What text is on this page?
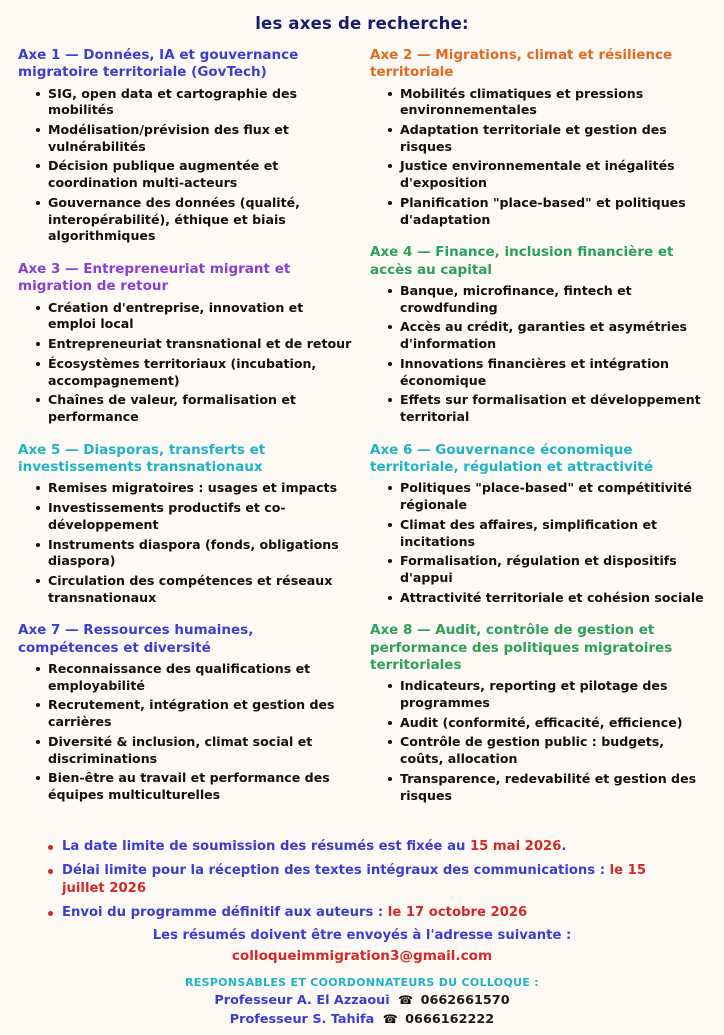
les axes de recherche:
Axe 1 — Données, IA et gouvernance migratoire territoriale (GovTech)
SIG, open data et cartographie des mobilités
Modélisation/prévision des flux et vulnérabilités
Décision publique augmentée et coordination multi-acteurs
Gouvernance des données (qualité, interopérabilité), éthique et biais algorithmiques
Axe 3 — Entrepreneuriat migrant et migration de retour
Création d'entreprise, innovation et emploi local
Entrepreneuriat transnational et de retour
Écosystèmes territoriaux (incubation, accompagnement)
Chaînes de valeur, formalisation et performance
Axe 5 — Diasporas, transferts et investissements transnationaux
Remises migratoires : usages et impacts
Investissements productifs et co-développement
Instruments diaspora (fonds, obligations diaspora)
Circulation des compétences et réseaux transnationaux
Axe 7 — Ressources humaines, compétences et diversité
Reconnaissance des qualifications et employabilité
Recrutement, intégration et gestion des carrières
Diversité & inclusion, climat social et discriminations
Bien-être au travail et performance des équipes multiculturelles
Axe 2 — Migrations, climat et résilience territoriale
Mobilités climatiques et pressions environnementales
Adaptation territoriale et gestion des risques
Justice environnementale et inégalités d'exposition
Planification "place-based" et politiques d'adaptation
Axe 4 — Finance, inclusion financière et accès au capital
Banque, microfinance, fintech et crowdfunding
Accès au crédit, garanties et asymétries d'information
Innovations financières et intégration économique
Effets sur formalisation et développement territorial
Axe 6 — Gouvernance économique territoriale, régulation et attractivité
Politiques "place-based" et compétitivité régionale
Climat des affaires, simplification et incitations
Formalisation, régulation et dispositifs d'appui
Attractivité territoriale et cohésion sociale
Axe 8 — Audit, contrôle de gestion et performance des politiques migratoires territoriales
Indicateurs, reporting et pilotage des programmes
Audit (conformité, efficacité, efficience)
Contrôle de gestion public : budgets, coûts, allocation
Transparence, redevabilité et gestion des risques
La date limite de soumission des résumés est fixée au 15 mai 2026.
Délai limite pour la réception des textes intégraux des communications : le 15 juillet 2026
Envoi du programme définitif aux auteurs : le 17 octobre 2026
Les résumés doivent être envoyés à l'adresse suivante :
colloqueimmigration3@gmail.com
RESPONSABLES ET COORDONNATEURS DU COLLOQUE :
Professeur A. El Azzaoui ☎ 0662661570
Professeur S. Tahifa ☎ 0666162222
